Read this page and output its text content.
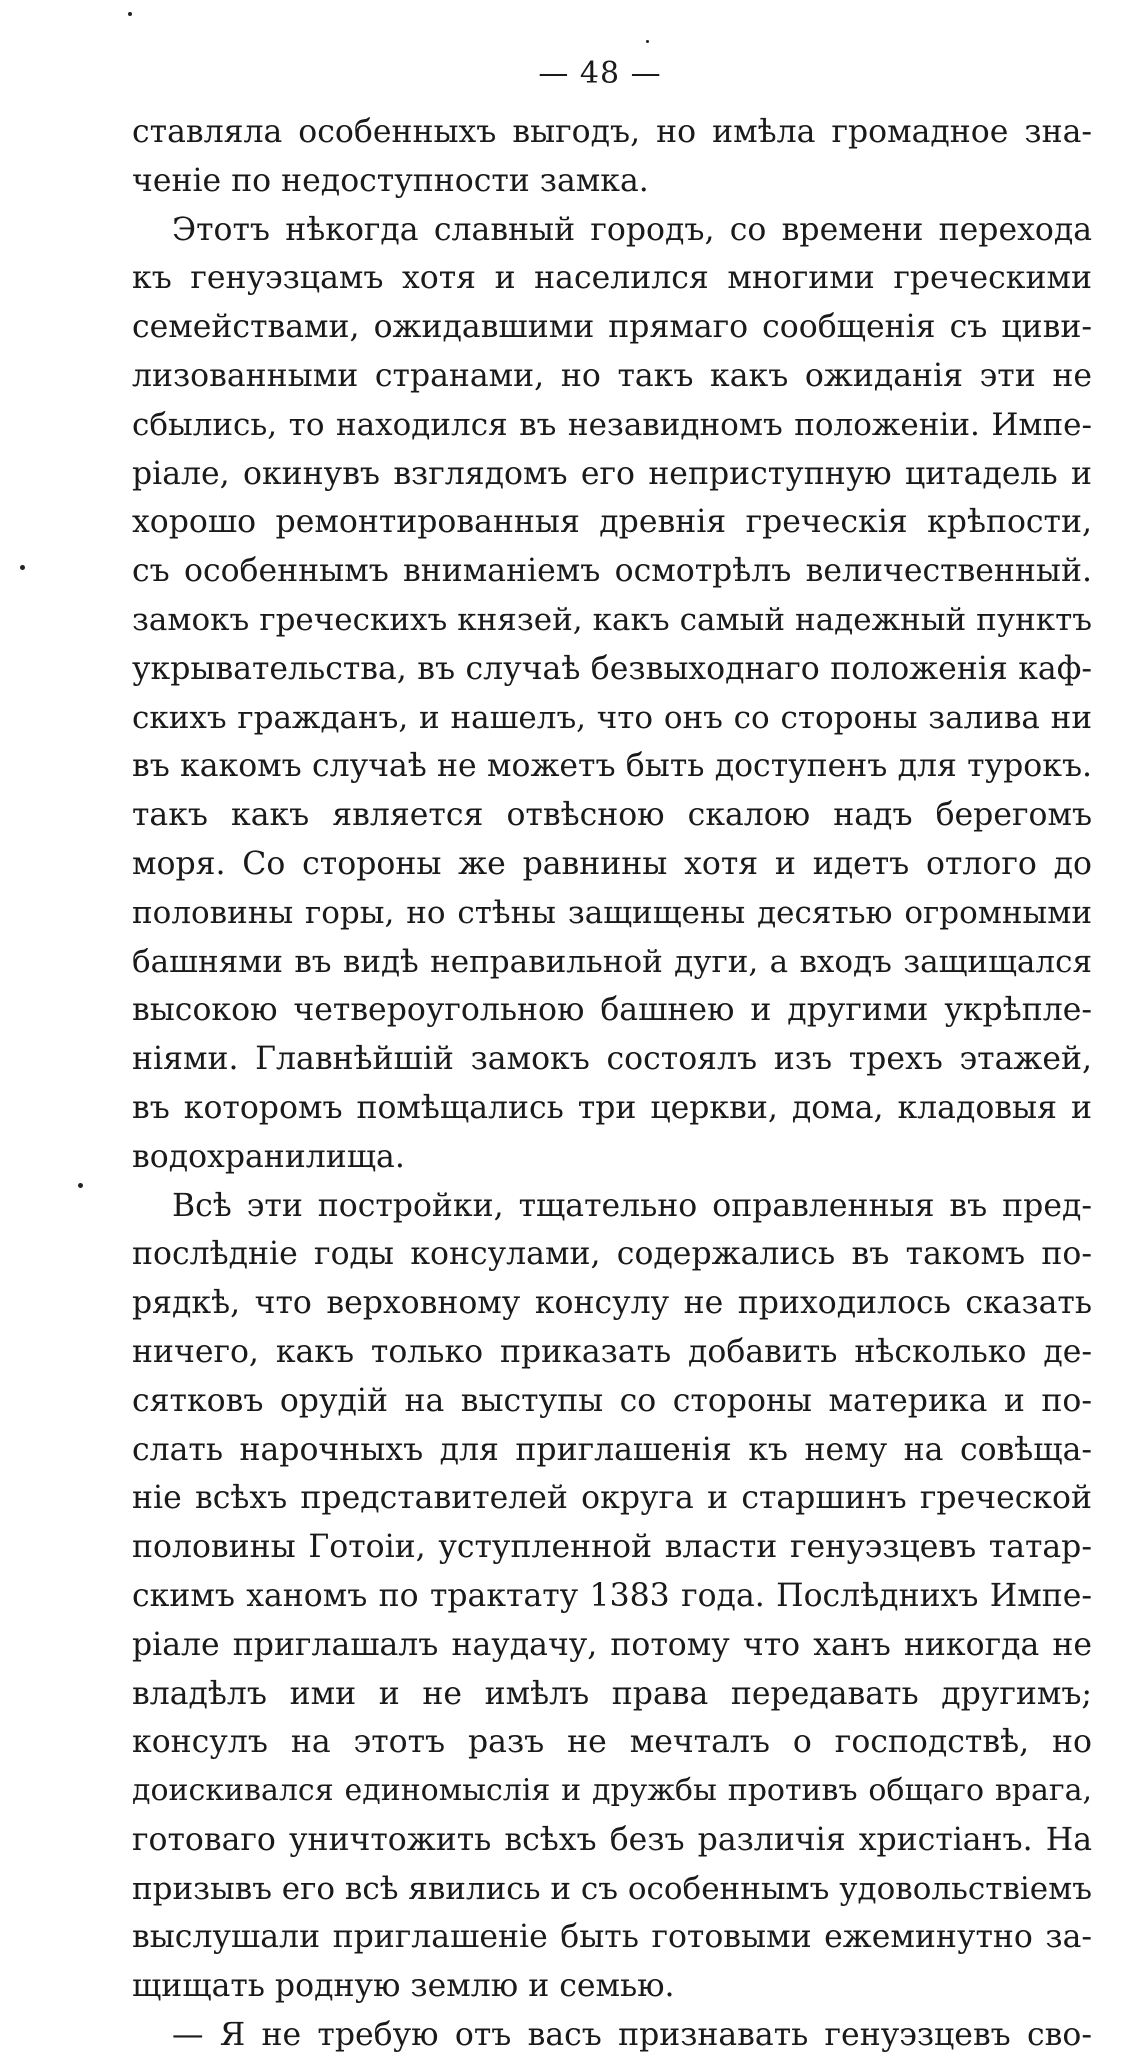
— 48 —
ставляла особенныхъ выгодъ, но имѣла громадное зна-
ченіе по недоступности замка.
Этотъ нѣкогда славный городъ, со времени перехода
къ генуэзцамъ хотя и населился многими греческими
семействами, ожидавшими прямаго сообщенія съ циви-
лизованными странами, но такъ какъ ожиданія эти не
сбылись, то находился въ незавидномъ положеніи. Импе-
ріале, окинувъ взглядомъ его неприступную цитадель и
хорошо ремонтированныя древнія греческія крѣпости,
съ особеннымъ вниманіемъ осмотрѣлъ величественный.
замокъ греческихъ князей, какъ самый надежный пунктъ
укрывательства, въ случаѣ безвыходнаго положенія каф-
скихъ гражданъ, и нашелъ, что онъ со стороны залива ни
въ какомъ случаѣ не можетъ быть доступенъ для турокъ.
такъ какъ является отвѣсною скалою надъ берегомъ
моря. Со стороны же равнины хотя и идетъ отлого до
половины горы, но стѣны защищены десятью огромными
башнями въ видѣ неправильной дуги, а входъ защищался
высокою четвероугольною башнею и другими укрѣпле-
ніями. Главнѣйшій замокъ состоялъ изъ трехъ этажей,
въ которомъ помѣщались три церкви, дома, кладовыя и
водохранилища.
Всѣ эти постройки, тщательно оправленныя въ пред-
послѣдніе годы консулами, содержались въ такомъ по-
рядкѣ, что верховному консулу не приходилось сказать
ничего, какъ только приказать добавить нѣсколько де-
сятковъ орудій на выступы со стороны материка и по-
слать нарочныхъ для приглашенія къ нему на совѣща-
ніе всѣхъ представителей округа и старшинъ греческой
половины Готоіи, уступленной власти генуэзцевъ татар-
скимъ ханомъ по трактату 1383 года. Послѣднихъ Импе-
ріале приглашалъ наудачу, потому что ханъ никогда не
владѣлъ ими и не имѣлъ права передавать другимъ;
консулъ на этотъ разъ не мечталъ о господствѣ, но
доискивался единомыслія и дружбы противъ общаго врага,
готоваго уничтожить всѣхъ безъ различія христіанъ. На
призывъ его всѣ явились и съ особеннымъ удовольствіемъ
выслушали приглашеніе быть готовыми ежеминутно за-
щищать родную землю и семью.
— Я не требую отъ васъ признавать генуэзцевъ сво-
